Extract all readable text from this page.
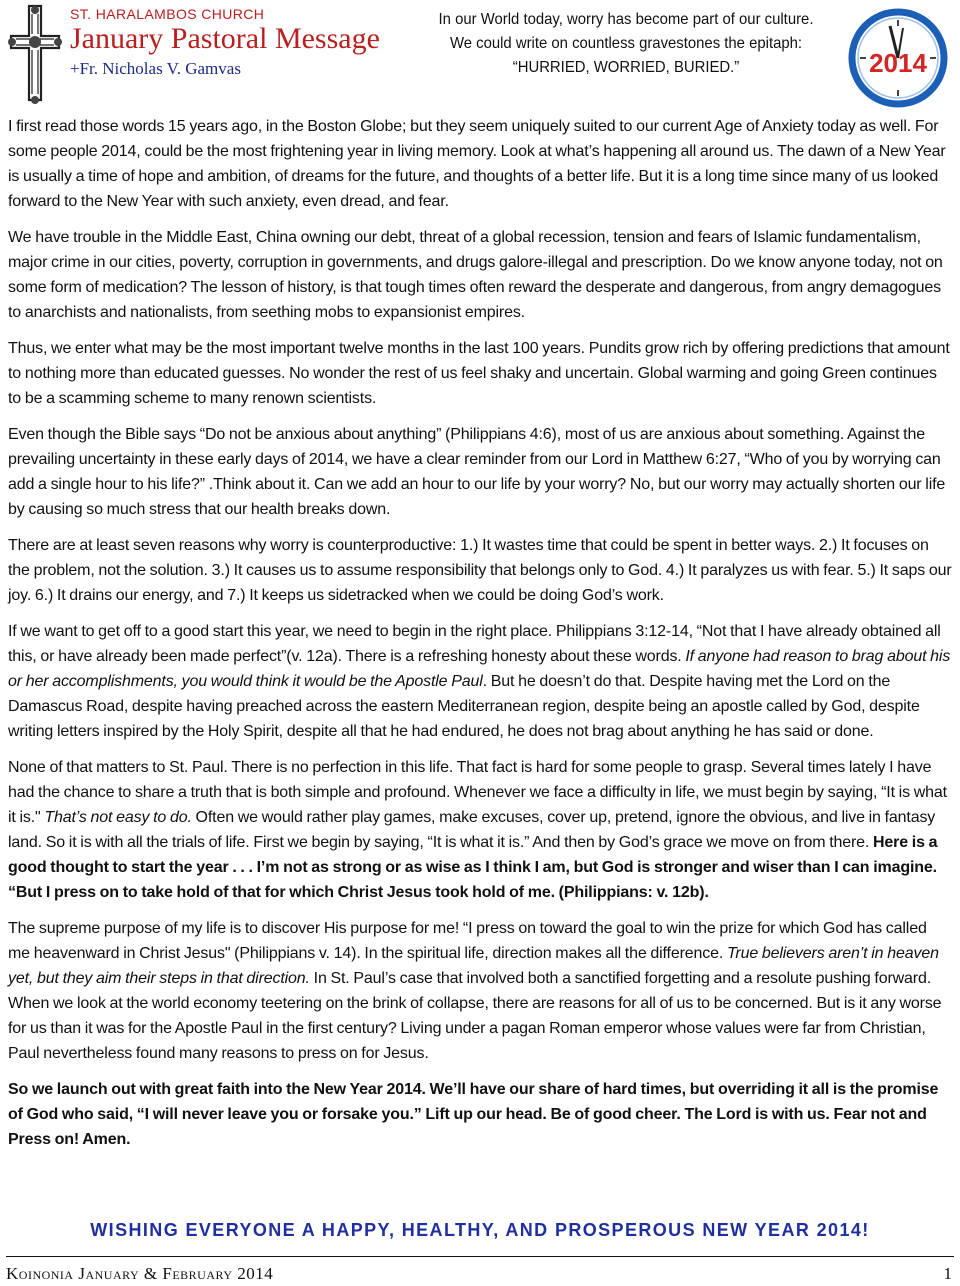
ST. HARALAMBOS CHURCH
January Pastoral Message
+Fr. Nicholas V. Gamvas
In our World today, worry has become part of our culture.
We could write on countless gravestones the epitaph:
“HURRIED, WORRIED, BURIED.”	2014

I first read those words 15 years ago, in the Boston Globe; but they seem uniquely suited to our current Age of Anxiety today as well. For some people 2014, could be the most frightening year in living memory. Look at what’s happening all around us. The dawn of a New Year is usually a time of hope and ambition, of dreams for the future, and thoughts of a better life. But it is a long time since many of us looked forward to the New Year with such anxiety, even dread, and fear.

We have trouble in the Middle East, China owning our debt, threat of a global recession, tension and fears of Islamic fundamentalism, major crime in our cities, poverty, corruption in governments, and drugs galore-illegal and prescription. Do we know anyone today, not on some form of medication? The lesson of history, is that tough times often reward the desperate and dangerous, from angry demagogues to anarchists and nationalists, from seething mobs to expansionist empires.

Thus, we enter what may be the most important twelve months in the last 100 years. Pundits grow rich by offering predictions that amount to nothing more than educated guesses. No wonder the rest of us feel shaky and uncertain. Global warming and going Green continues to be a scamming scheme to many renown scientists.

Even though the Bible says “Do not be anxious about anything” (Philippians 4:6), most of us are anxious about something. Against the prevailing uncertainty in these early days of 2014, we have a clear reminder from our Lord in Matthew 6:27, “Who of you by worrying can add a single hour to his life?” .Think about it. Can we add an hour to our life by your worry? No, but our worry may actually shorten our life by causing so much stress that our health breaks down.

There are at least seven reasons why worry is counterproductive: 1.) It wastes time that could be spent in better ways. 2.) It focuses on the problem, not the solution. 3.) It causes us to assume responsibility that belongs only to God. 4.) It paralyzes us with fear. 5.) It saps our joy. 6.) It drains our energy, and 7.) It keeps us sidetracked when we could be doing God’s work.

If we want to get off to a good start this year, we need to begin in the right place. Philippians 3:12-14, “Not that I have already obtained all this, or have already been made perfect”(v. 12a). There is a refreshing honesty about these words. If anyone had reason to brag about his or her accomplishments, you would think it would be the Apostle Paul. But he doesn’t do that. Despite having met the Lord on the Damascus Road, despite having preached across the eastern Mediterranean region, despite being an apostle called by God, despite writing letters inspired by the Holy Spirit, despite all that he had endured, he does not brag about anything he has said or done.

None of that matters to St. Paul. There is no perfection in this life. That fact is hard for some people to grasp. Several times lately I have had the chance to share a truth that is both simple and profound. Whenever we face a difficulty in life, we must begin by saying, “It is what it is." That’s not easy to do. Often we would rather play games, make excuses, cover up, pretend, ignore the obvious, and live in fantasy land. So it is with all the trials of life. First we begin by saying, “It is what it is.” And then by God’s grace we move on from there. Here is a good thought to start the year . . . I’m not as strong or as wise as I think I am, but God is stronger and wiser than I can imagine. “But I press on to take hold of that for which Christ Jesus took hold of me. (Philippians: v. 12b).

The supreme purpose of my life is to discover His purpose for me! “I press on toward the goal to win the prize for which God has called me heavenward in Christ Jesus" (Philippians v. 14). In the spiritual life, direction makes all the difference. True believers aren’t in heaven yet, but they aim their steps in that direction. In St. Paul’s case that involved both a sanctified forgetting and a resolute pushing forward. When we look at the world economy teetering on the brink of collapse, there are reasons for all of us to be concerned. But is it any worse for us than it was for the Apostle Paul in the first century? Living under a pagan Roman emperor whose values were far from Christian, Paul nevertheless found many reasons to press on for Jesus.

So we launch out with great faith into the New Year 2014. We’ll have our share of hard times, but overriding it all is the promise of God who said, “I will never leave you or forsake you.” Lift up our head. Be of good cheer. The Lord is with us. Fear not and Press on! Amen.

WISHING EVERYONE A HAPPY, HEALTHY, AND PROSPEROUS NEW YEAR 2014!
Koinonia January & February 2014	1
